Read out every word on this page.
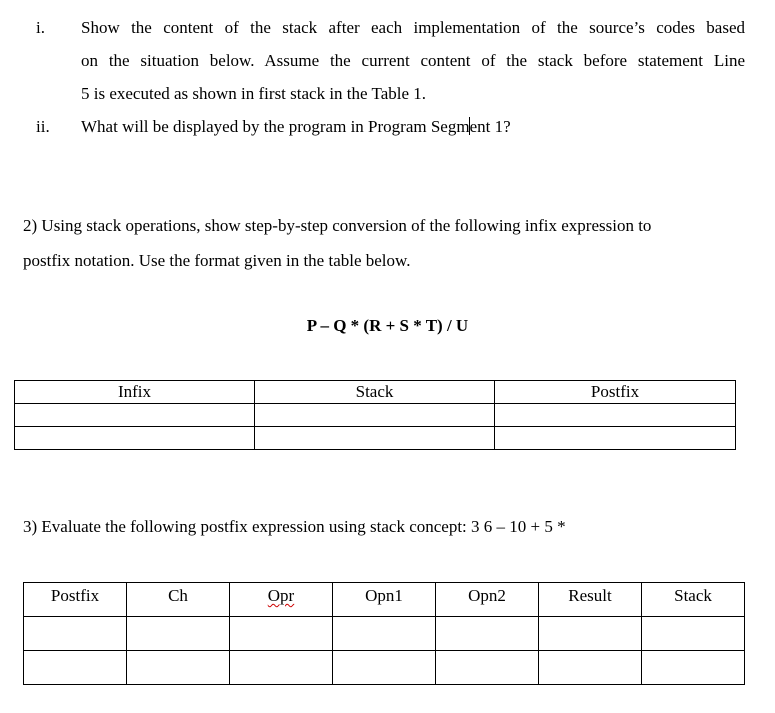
i. Show the content of the stack after each implementation of the source’s codes based
on the situation below. Assume the current content of the stack before statement Line
5 is executed as shown in first stack in the Table 1.
ii. What will be displayed by the program in Program Segment 1?
2) Using stack operations, show step-by-step conversion of the following infix expression to
postfix notation. Use the format given in the table below.
P – Q * (R + S * T) / U
Infix	Stack	Postfix

3) Evaluate the following postfix expression using stack concept: 3 6 – 10 + 5 *
Postfix	Ch	Opr	Opn1	Opn2	Result	Stack
